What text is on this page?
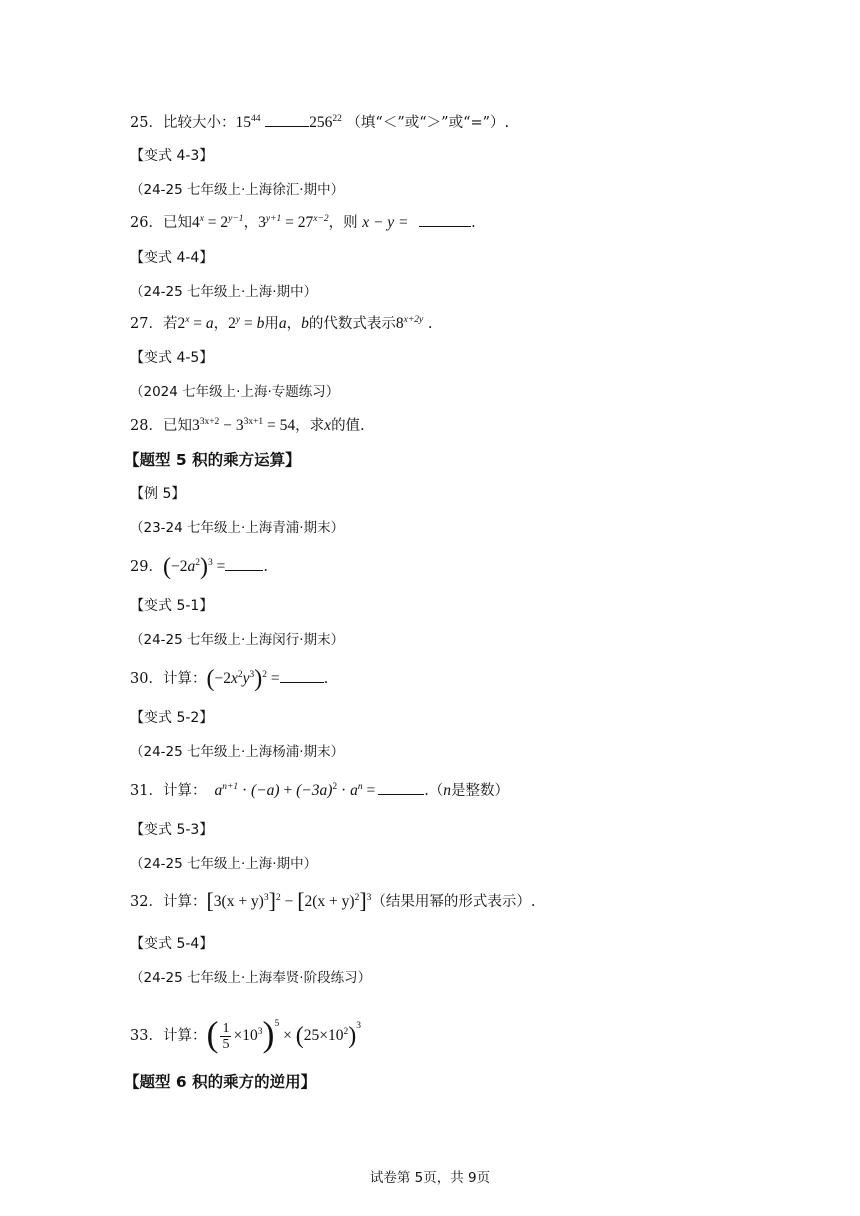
25．比较大小：$15^{44}$	$256^{22}$ （填“＜”或“＞”或“=”）.
【变式 4-3】
（24-25 七年级上·上海徐汇·期中）
26．已知$4^x = 2^{y-1}$，$3^{y+1} = 27^{x-2}$，则 x − y =	.
【变式 4-4】
（24-25 七年级上·上海·期中）
27．若$2^x = a$，$2^y = b$用a，b的代数式表示$8^{x+2y}$ .
【变式 4-5】
（2024 七年级上·上海·专题练习）
28．已知$3^{3x+2} - 3^{3x+1} = 54$，求x的值.
【题型 5 积的乘方运算】
【例 5】
（23-24 七年级上·上海青浦·期末）
29．$(-2a^2)^3$ =	.
【变式 5-1】
（24-25 七年级上·上海闵行·期末）
30．计算：$(-2x^2y^3)^2$ =	.
【变式 5-2】
（24-25 七年级上·上海杨浦·期末）
31．计算： $a^{n+1} \cdot (-a) + (-3a)^2 \cdot a^n$ =	.（n是整数）
【变式 5-3】
（24-25 七年级上·上海·期中）
32．计算：$[3(x + y)^3]^2 - [2(x + y)^2]^3$（结果用幂的形式表示）.
【变式 5-4】
（24-25 七年级上·上海奉贤·阶段练习）
33．计算：( $\frac{1}{5} \times 10^3)^5 \times (25\times 10^2)^3$
【题型 6 积的乘方的逆用】
试卷第 5页，共 9页
